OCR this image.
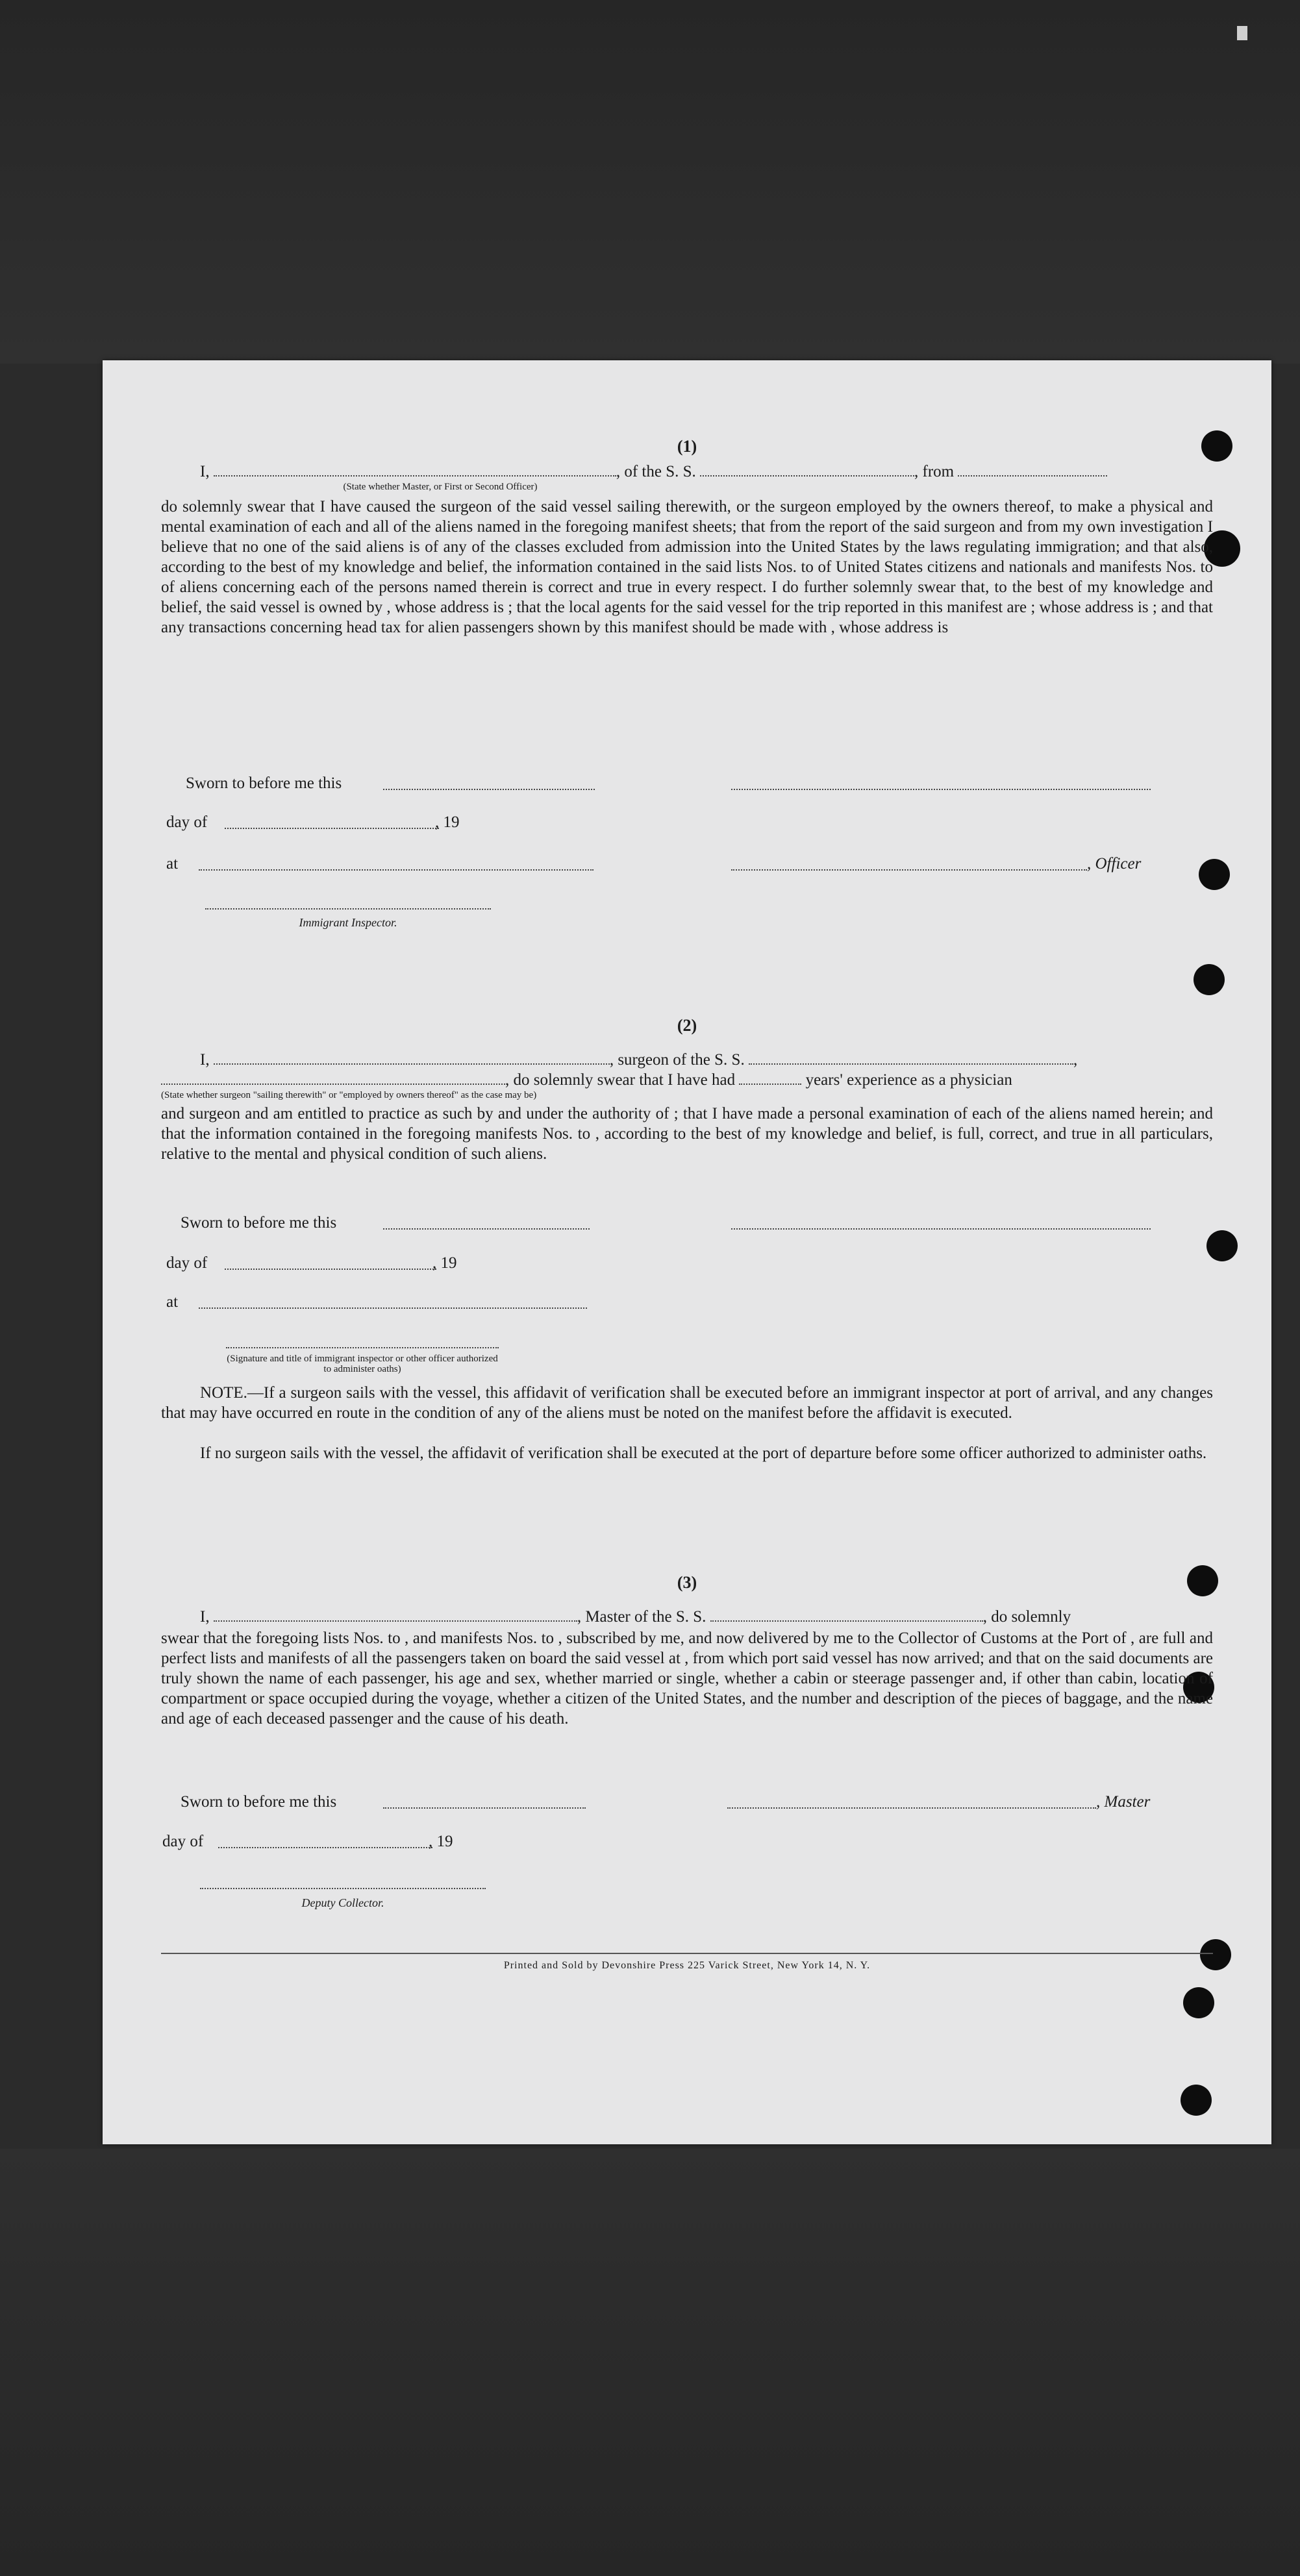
(1)
I,	, of the S. S.	, from
(State whether Master, or First or Second Officer)
do solemnly swear that I have caused the surgeon of the said vessel sailing therewith, or the surgeon employed by the owners thereof, to make a physical and mental examination of each and all of the aliens named in the foregoing manifest sheets; that from the report of the said surgeon and from my own investigation I believe that no one of the said aliens is of any of the classes excluded from admission into the United States by the laws regulating immigration; and that also, according to the best of my knowledge and belief, the information contained in the said lists Nos. to of United States citizens and nationals and manifests Nos. to of aliens concerning each of the persons named therein is correct and true in every respect. I do further solemnly swear that, to the best of my knowledge and belief, the said vessel is owned by , whose address is ; that the local agents for the said vessel for the trip reported in this manifest are ; whose address is ; and that any transactions concerning head tax for alien passengers shown by this manifest should be made with , whose address is
Sworn to before me this
day of	, 19
at	, Officer
Immigrant Inspector.
(2)
I,	, surgeon of the S. S.	,
, do solemnly swear that I have had	years' experience as a physician
(State whether surgeon "sailing therewith" or "employed by owners thereof" as the case may be)
and surgeon and am entitled to practice as such by and under the authority of ; that I have made a personal examination of each of the aliens named herein; and that the information contained in the foregoing manifests Nos. to , according to the best of my knowledge and belief, is full, correct, and true in all particulars, relative to the mental and physical condition of such aliens.
Sworn to before me this
day of	, 19
at
(Signature and title of immigrant inspector or other officer authorized to administer oaths)
NOTE.—If a surgeon sails with the vessel, this affidavit of verification shall be executed before an immigrant inspector at port of arrival, and any changes that may have occurred en route in the condition of any of the aliens must be noted on the manifest before the affidavit is executed.
If no surgeon sails with the vessel, the affidavit of verification shall be executed at the port of departure before some officer authorized to administer oaths.
(3)
I,	, Master of the S. S.	, do solemnly
swear that the foregoing lists Nos. to , and manifests Nos. to , subscribed by me, and now delivered by me to the Collector of Customs at the Port of , are full and perfect lists and manifests of all the passengers taken on board the said vessel at , from which port said vessel has now arrived; and that on the said documents are truly shown the name of each passenger, his age and sex, whether married or single, whether a cabin or steerage passenger and, if other than cabin, location of compartment or space occupied during the voyage, whether a citizen of the United States, and the number and description of the pieces of baggage, and the name and age of each deceased passenger and the cause of his death.
Sworn to before me this	, Master
day of	, 19
Deputy Collector.
Printed and Sold by Devonshire Press 225 Varick Street, New York 14, N. Y.
